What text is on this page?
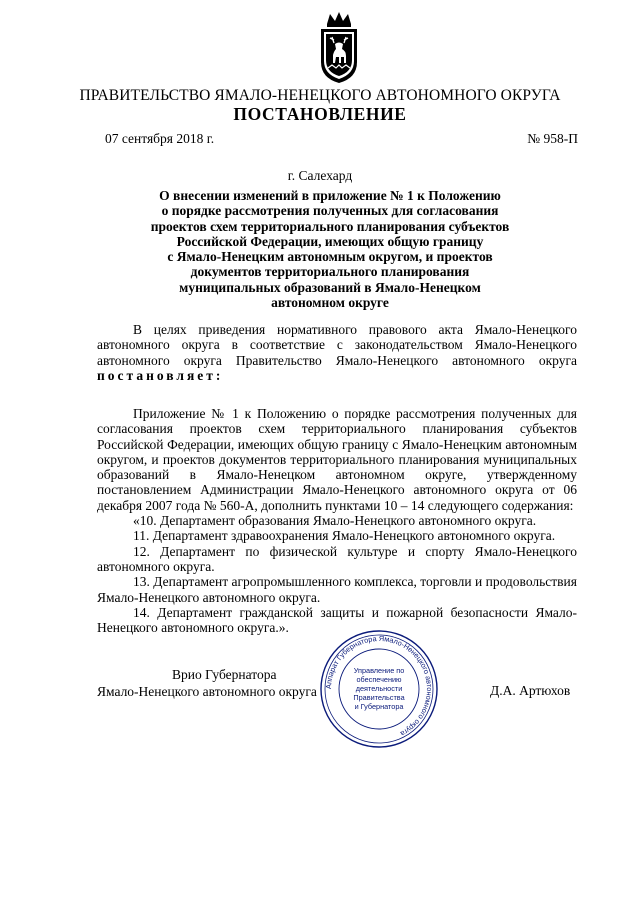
ПРАВИТЕЛЬСТВО ЯМАЛО-НЕНЕЦКОГО АВТОНОМНОГО ОКРУГА
ПОСТАНОВЛЕНИЕ
07 сентября 2018 г.	№ 958-П
г. Салехард
О внесении изменений в приложение № 1 к Положению
о порядке рассмотрения полученных для согласования
проектов схем территориального планирования субъектов
Российской Федерации, имеющих общую границу
с Ямало-Ненецким автономным округом, и проектов
документов территориального планирования
муниципальных образований в Ямало-Ненецком
автономном округе
В целях приведения нормативного правового акта Ямало-Ненецкого автономного округа в соответствие с законодательством Ямало-Ненецкого автономного округа Правительство Ямало-Ненецкого автономного округа постановляет:
Приложение № 1 к Положению о порядке рассмотрения полученных для согласования проектов схем территориального планирования субъектов Российской Федерации, имеющих общую границу с Ямало-Ненецким автономным округом, и проектов документов территориального планирования муниципальных образований в Ямало-Ненецком автономном округе, утвержденному постановлением Администрации Ямало-Ненецкого автономного округа от 06 декабря 2007 года № 560-А, дополнить пунктами 10 – 14 следующего содержания:
«10. Департамент образования Ямало-Ненецкого автономного округа.
11. Департамент здравоохранения Ямало-Ненецкого автономного округа.
12. Департамент по физической культуре и спорту Ямало-Ненецкого автономного округа.
13. Департамент агропромышленного комплекса, торговли и продовольствия Ямало-Ненецкого автономного округа.
14. Департамент гражданской защиты и пожарной безопасности Ямало-Ненецкого автономного округа.».
Врио Губернатора
Ямало-Ненецкого автономного округа	Д.А. Артюхов
Аппарат Губернатора Ямало-Ненецкого автономного округа
Управление по
обеспечению
деятельности
Правительства
и Губернатора
